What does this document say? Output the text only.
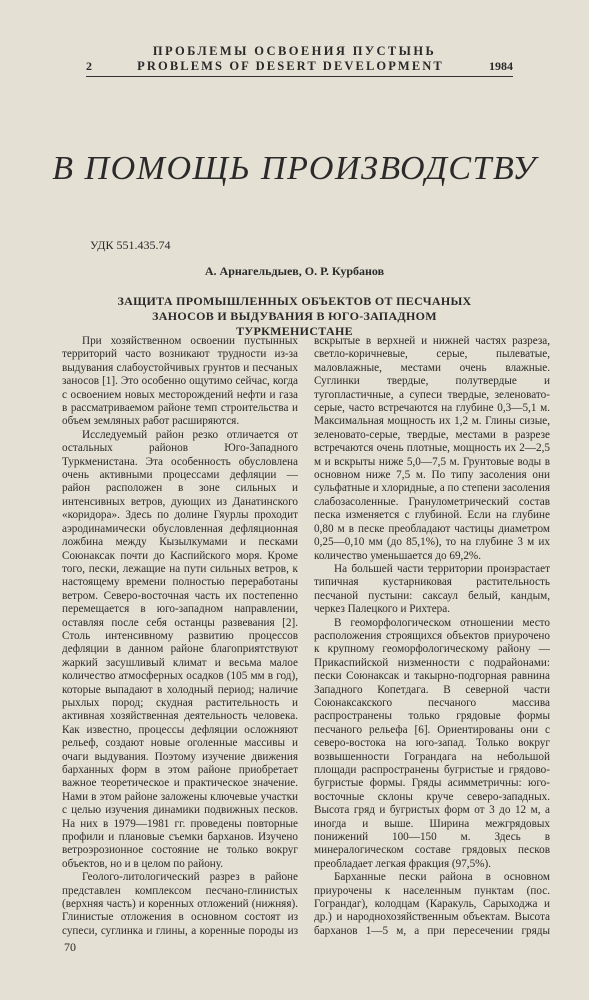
ПРОБЛЕМЫ ОСВОЕНИЯ ПУСТЫНЬ
2	PROBLEMS OF DESERT DEVELOPMENT	1984
В ПОМОЩЬ ПРОИЗВОДСТВУ
УДК 551.435.74
А. Арнагельдыев, О. Р. Курбанов
ЗАЩИТА ПРОМЫШЛЕННЫХ ОБЪЕКТОВ ОТ ПЕСЧАНЫХ ЗАНОСОВ И ВЫДУВАНИЯ В ЮГО-ЗАПАДНОМ ТУРКМЕНИСТАНЕ

При хозяйственном освоении пустынных территорий часто возникают трудности из-за выдувания слабоустойчивых грунтов и песчаных заносов [1]. Это особенно ощутимо сейчас, когда с освоением новых месторождений нефти и газа в рассматриваемом районе темп строительства и объем земляных работ расширяются.

Исследуемый район резко отличается от остальных районов Юго-Западного Туркменистана. Эта особенность обусловлена очень активными процессами дефляции — район расположен в зоне сильных и интенсивных ветров, дующих из Данатинского «коридора». Здесь по долине Гяурлы проходит аэродинамически обусловленная дефляционная ложбина между Кызылкумами и песками Союнаксак почти до Каспийского моря. Кроме того, пески, лежащие на пути сильных ветров, к настоящему времени полностью переработаны ветром. Северо-восточная часть их постепенно перемещается в юго-западном направлении, оставляя после себя останцы развевания [2]. Столь интенсивному развитию процессов дефляции в данном районе благоприятствуют жаркий засушливый климат и весьма малое количество атмосферных осадков (105 мм в год), которые выпадают в холодный период; наличие рыхлых пород; скудная растительность и активная хозяйственная деятельность человека. Как известно, процессы дефляции осложняют рельеф, создают новые оголенные массивы и очаги выдувания. Поэтому изучение движения барханных форм в этом районе приобретает важное теоретическое и практическое значение. Нами в этом районе заложены ключевые участки с целью изучения динамики подвижных песков. На них в 1979—1981 гг. проведены повторные профили и плановые съемки барханов. Изучено ветроэрозионное состояние не только вокруг объектов, но и в целом по району.

Геолого-литологический разрез в районе представлен комплексом песчано-глинистых (верхняя часть) и коренных отложений (нижняя). Глинистые отложения в основном состоят из супеси, суглинка и глины, а коренные породы из

вскрытые в верхней и нижней частях разреза, светло-коричневые, серые, пылеватые, маловлажные, местами очень влажные. Суглинки твердые, полутвердые и тугопластичные, а супеси твердые, зеленовато-серые, часто встречаются на глубине 0,3—5,1 м. Максимальная мощность их 1,2 м. Глины сизые, зеленовато-серые, твердые, местами в разрезе встречаются очень плотные, мощность их 2—2,5 м и вскрыты ниже 5,0—7,5 м. Грунтовые воды в основном ниже 7,5 м. По типу засоления они сульфатные и хлоридные, а по степени засоления слабозасоленные. Гранулометрический состав песка изменяется с глубиной. Если на глубине 0,80 м в песке преобладают частицы диаметром 0,25—0,10 мм (до 85,1%), то на глубине 3 м их количество уменьшается до 69,2%.

На большей части территории произрастает типичная кустарниковая растительность песчаной пустыни: саксаул белый, кандым, черкез Палецкого и Рихтера.

В геоморфологическом отношении место расположения строящихся объектов приурочено к крупному геоморфологическому району — Прикаспийской низменности с подрайонами: пески Союнаксак и такырно-подгорная равнина Западного Копетдага. В северной части Союнаксакского песчаного массива распространены только грядовые формы песчаного рельефа [6]. Ориентированы они с северо-востока на юго-запад. Только вокруг возвышенности Гограндага на небольшой площади распространены бугристые и грядово-бугристые формы. Гряды асимметричны: юго-восточные склоны круче северо-западных. Высота гряд и бугристых форм от 3 до 12 м, а иногда и выше. Ширина межгрядовых понижений 100—150 м. Здесь в минералогическом составе грядовых песков преобладает легкая фракция (97,5%).

Барханные пески района в основном приурочены к населенным пунктам (пос. Гограндаг), колодцам (Каракуль, Сарыходжа и др.) и народнохозяйственным объектам. Высота барханов 1—5 м, а при пересечении гряды

70
